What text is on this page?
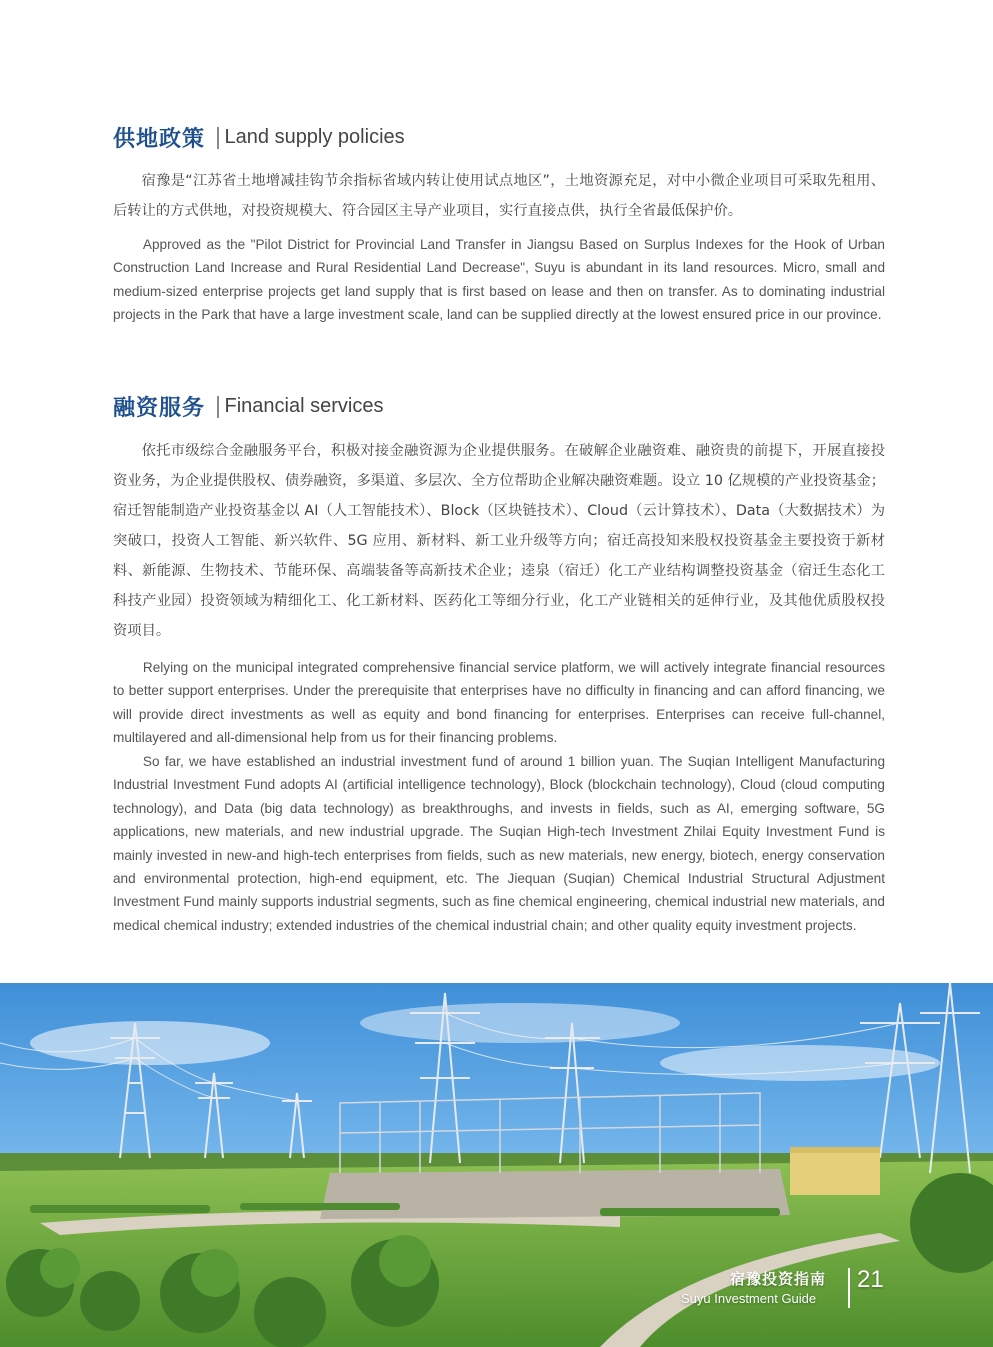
供地政策 Land supply policies

宿豫是“江苏省土地增减挂钩节余指标省域内转让使用试点地区”，土地资源充足，对中小微企业项目可采取先租用、后转让的方式供地，对投资规模大、符合园区主导产业项目，实行直接点供，执行全省最低保护价。

Approved as the "Pilot District for Provincial Land Transfer in Jiangsu Based on Surplus Indexes for the Hook of Urban Construction Land Increase and Rural Residential Land Decrease", Suyu is abundant in its land resources. Micro, small and medium-sized enterprise projects get land supply that is first based on lease and then on transfer. As to dominating industrial projects in the Park that have a large investment scale, land can be supplied directly at the lowest ensured price in our province.

融资服务 Financial services

依托市级综合金融服务平台，积极对接金融资源为企业提供服务。在破解企业融资难、融资贵的前提下，开展直接投资业务，为企业提供股权、债券融资，多渠道、多层次、全方位帮助企业解决融资难题。设立 10 亿规模的产业投资基金；宿迁智能制造产业投资基金以 AI（人工智能技术）、Block（区块链技术）、Cloud（云计算技术）、Data（大数据技术）为突破口，投资人工智能、新兴软件、5G 应用、新材料、新工业升级等方向；宿迁高投知来股权投资基金主要投资于新材料、新能源、生物技术、节能环保、高端装备等高新技术企业；逵泉（宿迁）化工产业结构调整投资基金（宿迁生态化工科技产业园）投资领域为精细化工、化工新材料、医药化工等细分行业，化工产业链相关的延伸行业，及其他优质股权投资项目。

Relying on the municipal integrated comprehensive financial service platform, we will actively integrate financial resources to better support enterprises. Under the prerequisite that enterprises have no difficulty in financing and can afford financing, we will provide direct investments as well as equity and bond financing for enterprises. Enterprises can receive full-channel, multilayered and all-dimensional help from us for their financing problems.

So far, we have established an industrial investment fund of around 1 billion yuan. The Suqian Intelligent Manufacturing Industrial Investment Fund adopts AI (artificial intelligence technology), Block (blockchain technology), Cloud (cloud computing technology), and Data (big data technology) as breakthroughs, and invests in fields, such as AI, emerging software, 5G applications, new materials, and new industrial upgrade. The Suqian High-tech Investment Zhilai Equity Investment Fund is mainly invested in new-and high-tech enterprises from fields, such as new materials, new energy, biotech, energy conservation and environmental protection, high-end equipment, etc. The Jiequan (Suqian) Chemical Industrial Structural Adjustment Investment Fund mainly supports industrial segments, such as fine chemical engineering, chemical industrial new materials, and medical chemical industry; extended industries of the chemical industrial chain; and other quality equity investment projects.

宿豫投资指南
Suyu Investment Guide
21
